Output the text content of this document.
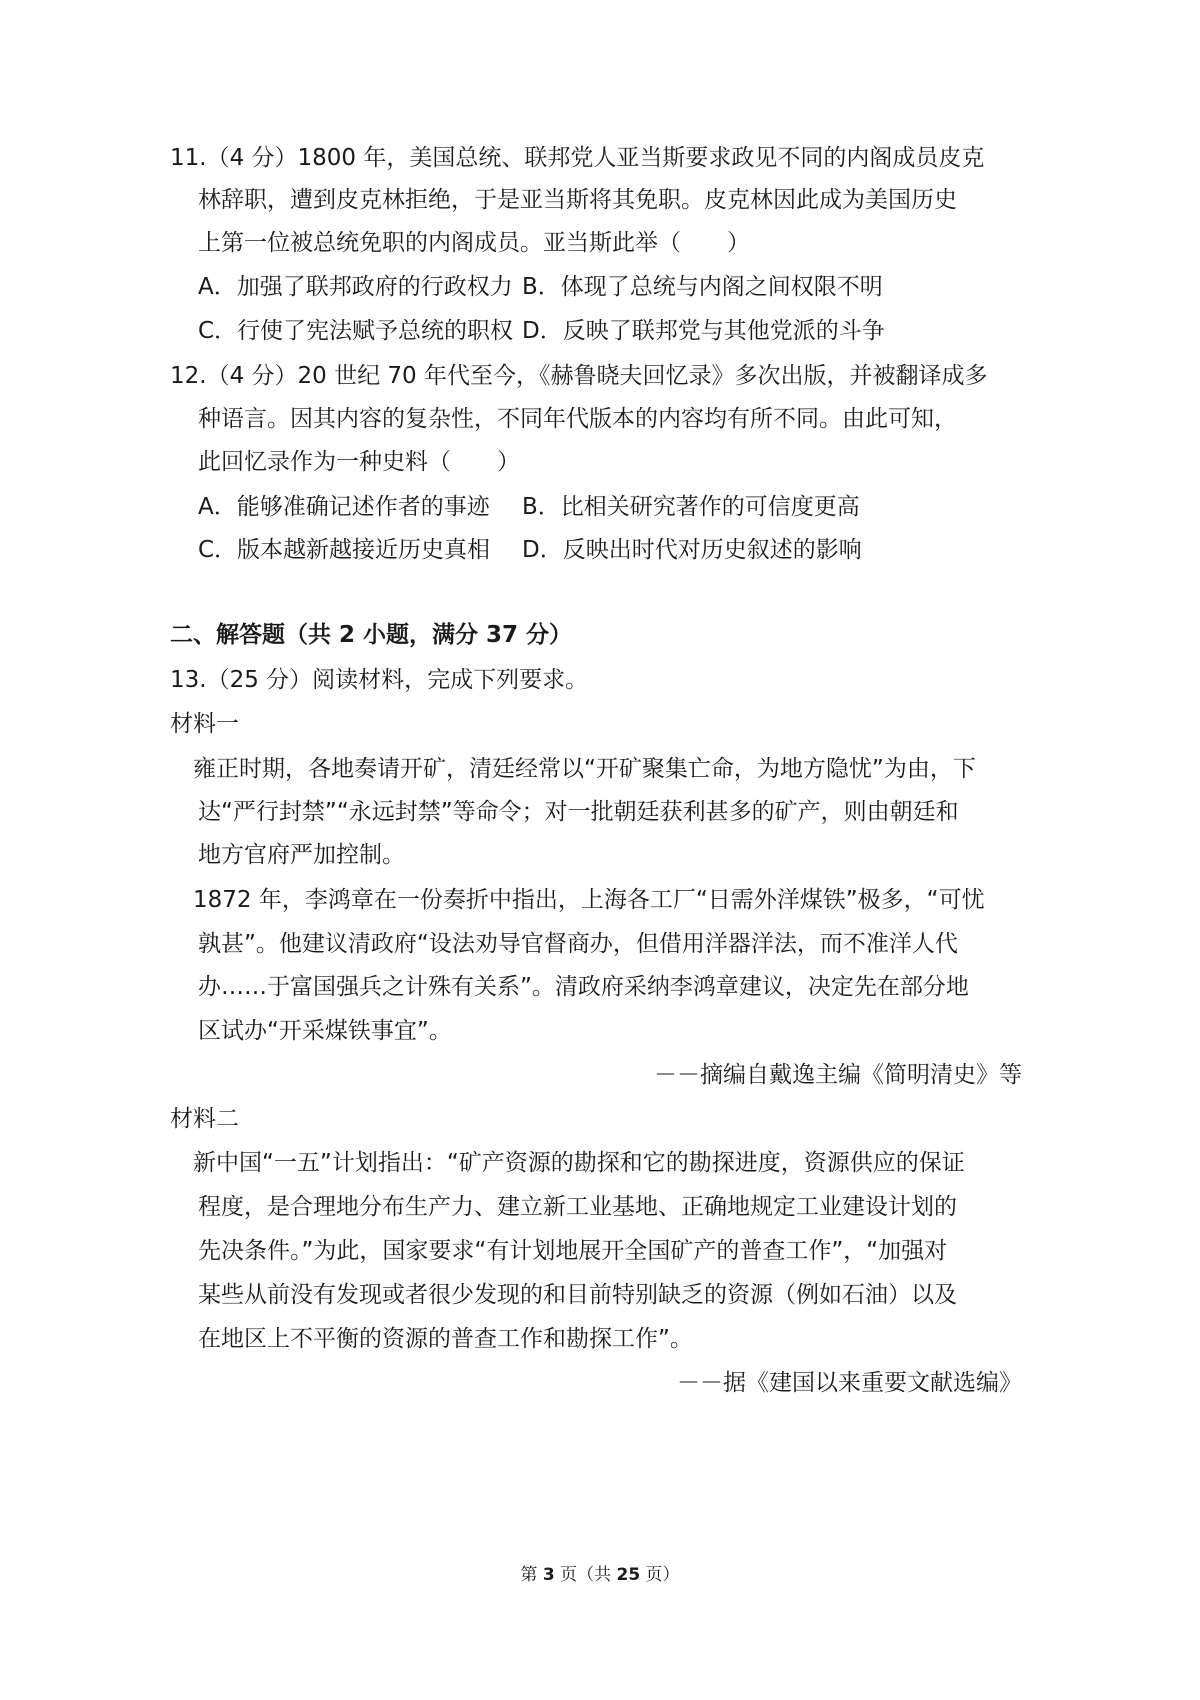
11.（4 分）1800 年，美国总统、联邦党人亚当斯要求政见不同的内阁成员皮克
林辞职，遭到皮克林拒绝，于是亚当斯将其免职。皮克林因此成为美国历史
上第一位被总统免职的内阁成员。亚当斯此举（　　）
A．加强了联邦政府的行政权力 B．体现了总统与内阁之间权限不明
C．行使了宪法赋予总统的职权 D．反映了联邦党与其他党派的斗争
12.（4 分）20 世纪 70 年代至今，《赫鲁晓夫回忆录》多次出版，并被翻译成多
种语言。因其内容的复杂性，不同年代版本的内容均有所不同。由此可知，
此回忆录作为一种史料（　　）
A．能够准确记述作者的事迹 B．比相关研究著作的可信度更高
C．版本越新越接近历史真相 D．反映出时代对历史叙述的影响
二、解答题（共 2 小题，满分 37 分）
13.（25 分）阅读材料，完成下列要求。
材料一
雍正时期，各地奏请开矿，清廷经常以“开矿聚集亡命，为地方隐忧”为由，下
达“严行封禁”“永远封禁”等命令；对一批朝廷获利甚多的矿产，则由朝廷和
地方官府严加控制。
1872 年，李鸿章在一份奏折中指出，上海各工厂“日需外洋煤铁”极多，“可忧
孰甚”。他建议清政府“设法劝导官督商办，但借用洋器洋法，而不准洋人代
办……于富国强兵之计殊有关系”。清政府采纳李鸿章建议，决定先在部分地
区试办“开采煤铁事宜”。
－－摘编自戴逸主编《简明清史》等
材料二
新中国“一五”计划指出：“矿产资源的勘探和它的勘探进度，资源供应的保证
程度，是合理地分布生产力、建立新工业基地、正确地规定工业建设计划的
先决条件。”为此，国家要求“有计划地展开全国矿产的普查工作”，“加强对
某些从前没有发现或者很少发现的和目前特别缺乏的资源（例如石油）以及
在地区上不平衡的资源的普查工作和勘探工作”。
－－据《建国以来重要文献选编》
第 3 页（共 25 页）
